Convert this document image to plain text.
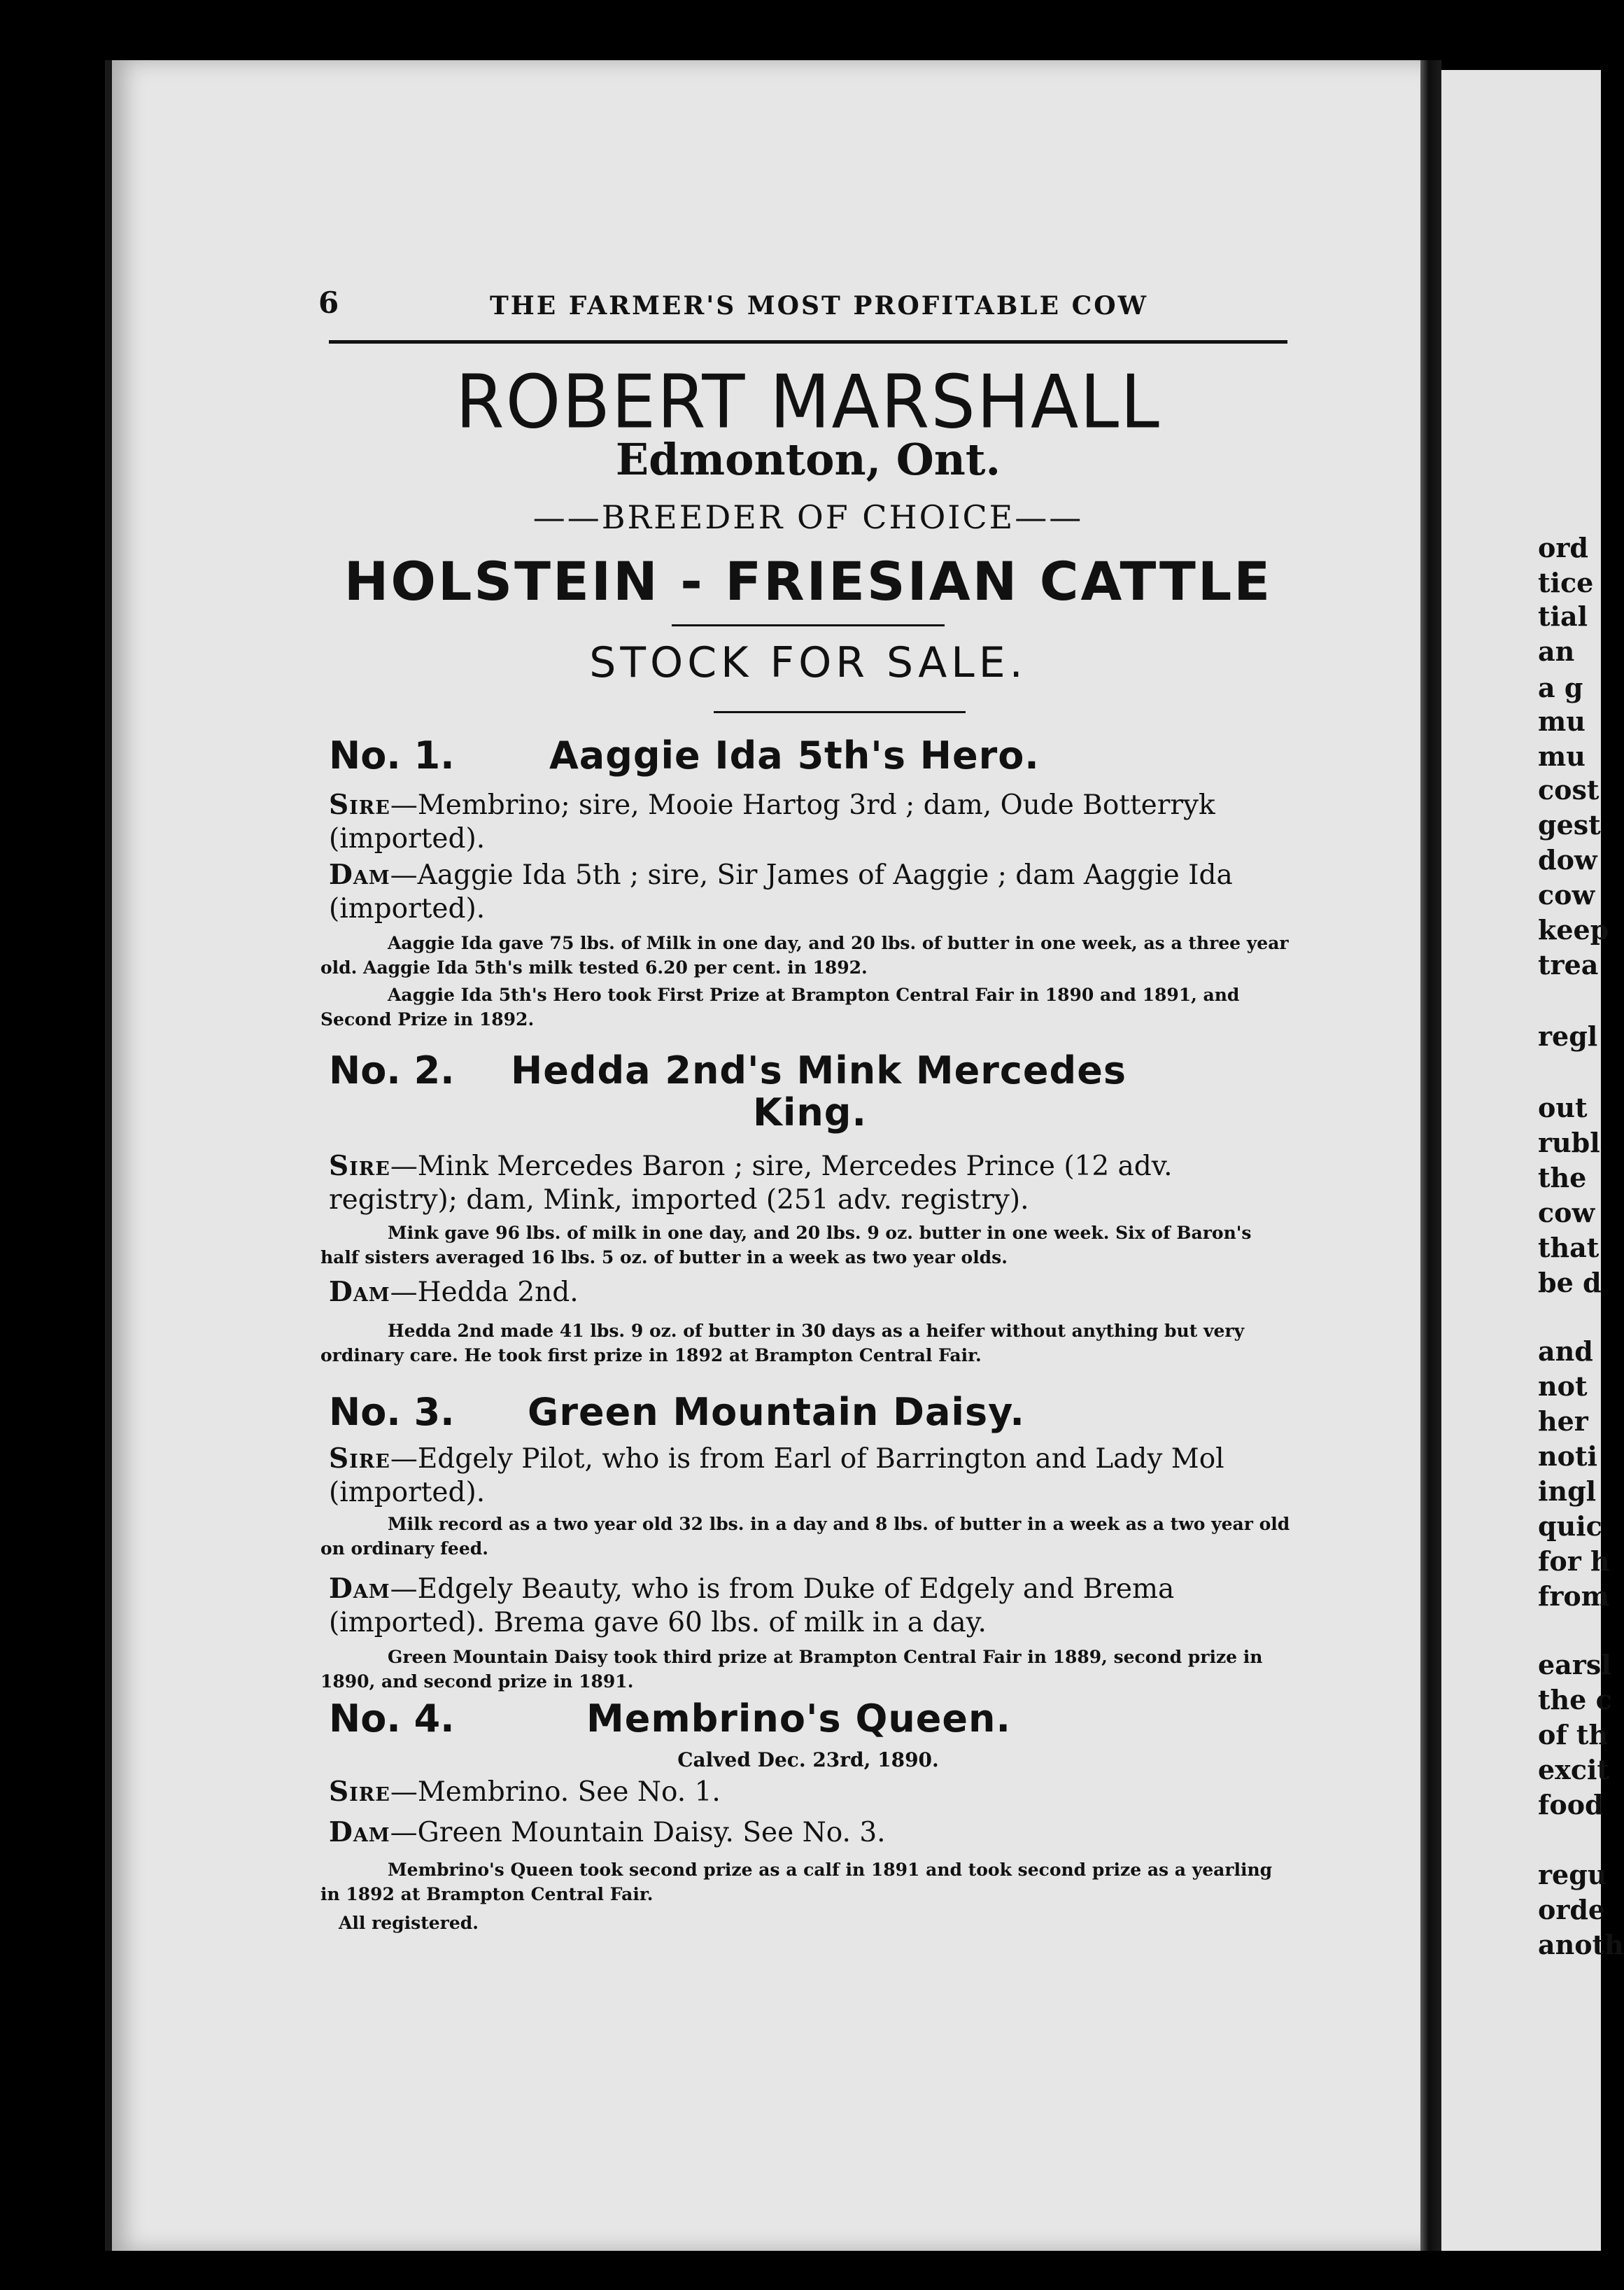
6	THE FARMER'S MOST PROFITABLE COW
ROBERT MARSHALL
Edmonton, Ont.
——BREEDER OF CHOICE——
HOLSTEIN - FRIESIAN CATTLE
STOCK FOR SALE.
No. 1.	Aaggie Ida 5th's Hero.
Sire—Membrino; sire, Mooie Hartog 3rd ; dam, Oude Botterryk (imported).
Dam—Aaggie Ida 5th ; sire, Sir James of Aaggie ; dam Aaggie Ida (imported).
Aaggie Ida gave 75 lbs. of Milk in one day, and 20 lbs. of butter in one week, as a three year old. Aaggie Ida 5th's milk tested 6.20 per cent. in 1892.
Aaggie Ida 5th's Hero took First Prize at Brampton Central Fair in 1890 and 1891, and Second Prize in 1892.
No. 2. Hedda 2nd's Mink Mercedes
King.
Sire—Mink Mercedes Baron ; sire, Mercedes Prince (12 adv. registry); dam, Mink, imported (251 adv. registry).
Mink gave 96 lbs. of milk in one day, and 20 lbs. 9 oz. butter in one week. Six of Baron's half sisters averaged 16 lbs. 5 oz. of butter in a week as two year olds.
Dam—Hedda 2nd.
Hedda 2nd made 41 lbs. 9 oz. of butter in 30 days as a heifer without anything but very ordinary care. He took first prize in 1892 at Brampton Central Fair.
No. 3. Green Mountain Daisy.
Sire—Edgely Pilot, who is from Earl of Barrington and Lady Mol (imported).
Milk record as a two year old 32 lbs. in a day and 8 lbs. of butter in a week as a two year old on ordinary feed.
Dam—Edgely Beauty, who is from Duke of Edgely and Brema (imported). Brema gave 60 lbs. of milk in a day.
Green Mountain Daisy took third prize at Brampton Central Fair in 1889, second prize in 1890, and second prize in 1891.
No. 4.	Membrino's Queen.
Calved Dec. 23rd, 1890.
Sire—Membrino. See No. 1.
Dam—Green Mountain Daisy. See No. 3.
Membrino's Queen took second prize as a calf in 1891 and took second prize as a yearling in 1892 at Brampton Central Fair.
All registered.
ord
tice
tial
an
a g
mu
mu
cost
gest
dow
cow
keep
trea
regl
out
rubl
the
cow
that
be d
and
not
her
noti
ingl
quic
for h
from
earsl
the c
of th
excit
food
regu
orde
anoth
